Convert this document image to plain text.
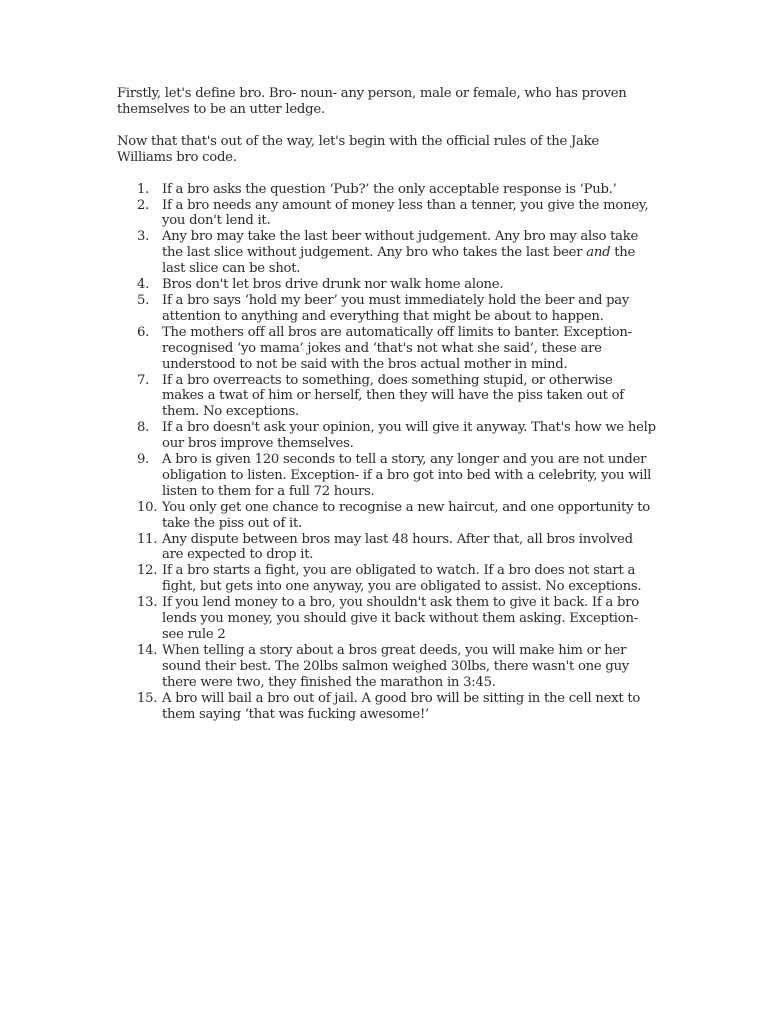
Firstly, let's define bro. Bro- noun- any person, male or female, who has proven themselves to be an utter ledge.

Now that that's out of the way, let's begin with the official rules of the Jake Williams bro code.

1. If a bro asks the question ‘Pub?’ the only acceptable response is ‘Pub.’
2. If a bro needs any amount of money less than a tenner, you give the money, you don't lend it.
3. Any bro may take the last beer without judgement. Any bro may also take the last slice without judgement. Any bro who takes the last beer and the last slice can be shot.
4. Bros don't let bros drive drunk nor walk home alone.
5. If a bro says ‘hold my beer’ you must immediately hold the beer and pay attention to anything and everything that might be about to happen.
6. The mothers off all bros are automatically off limits to banter. Exception- recognised ‘yo mama’ jokes and ‘that's not what she said’, these are understood to not be said with the bros actual mother in mind.
7. If a bro overreacts to something, does something stupid, or otherwise makes a twat of him or herself, then they will have the piss taken out of them. No exceptions.
8. If a bro doesn't ask your opinion, you will give it anyway. That's how we help our bros improve themselves.
9. A bro is given 120 seconds to tell a story, any longer and you are not under obligation to listen. Exception- if a bro got into bed with a celebrity, you will listen to them for a full 72 hours.
10. You only get one chance to recognise a new haircut, and one opportunity to take the piss out of it.
11. Any dispute between bros may last 48 hours. After that, all bros involved are expected to drop it.
12. If a bro starts a fight, you are obligated to watch. If a bro does not start a fight, but gets into one anyway, you are obligated to assist. No exceptions.
13. If you lend money to a bro, you shouldn't ask them to give it back. If a bro lends you money, you should give it back without them asking. Exception- see rule 2
14. When telling a story about a bros great deeds, you will make him or her sound their best. The 20lbs salmon weighed 30lbs, there wasn't one guy there were two, they finished the marathon in 3:45.
15. A bro will bail a bro out of jail. A good bro will be sitting in the cell next to them saying ‘that was fucking awesome!’
